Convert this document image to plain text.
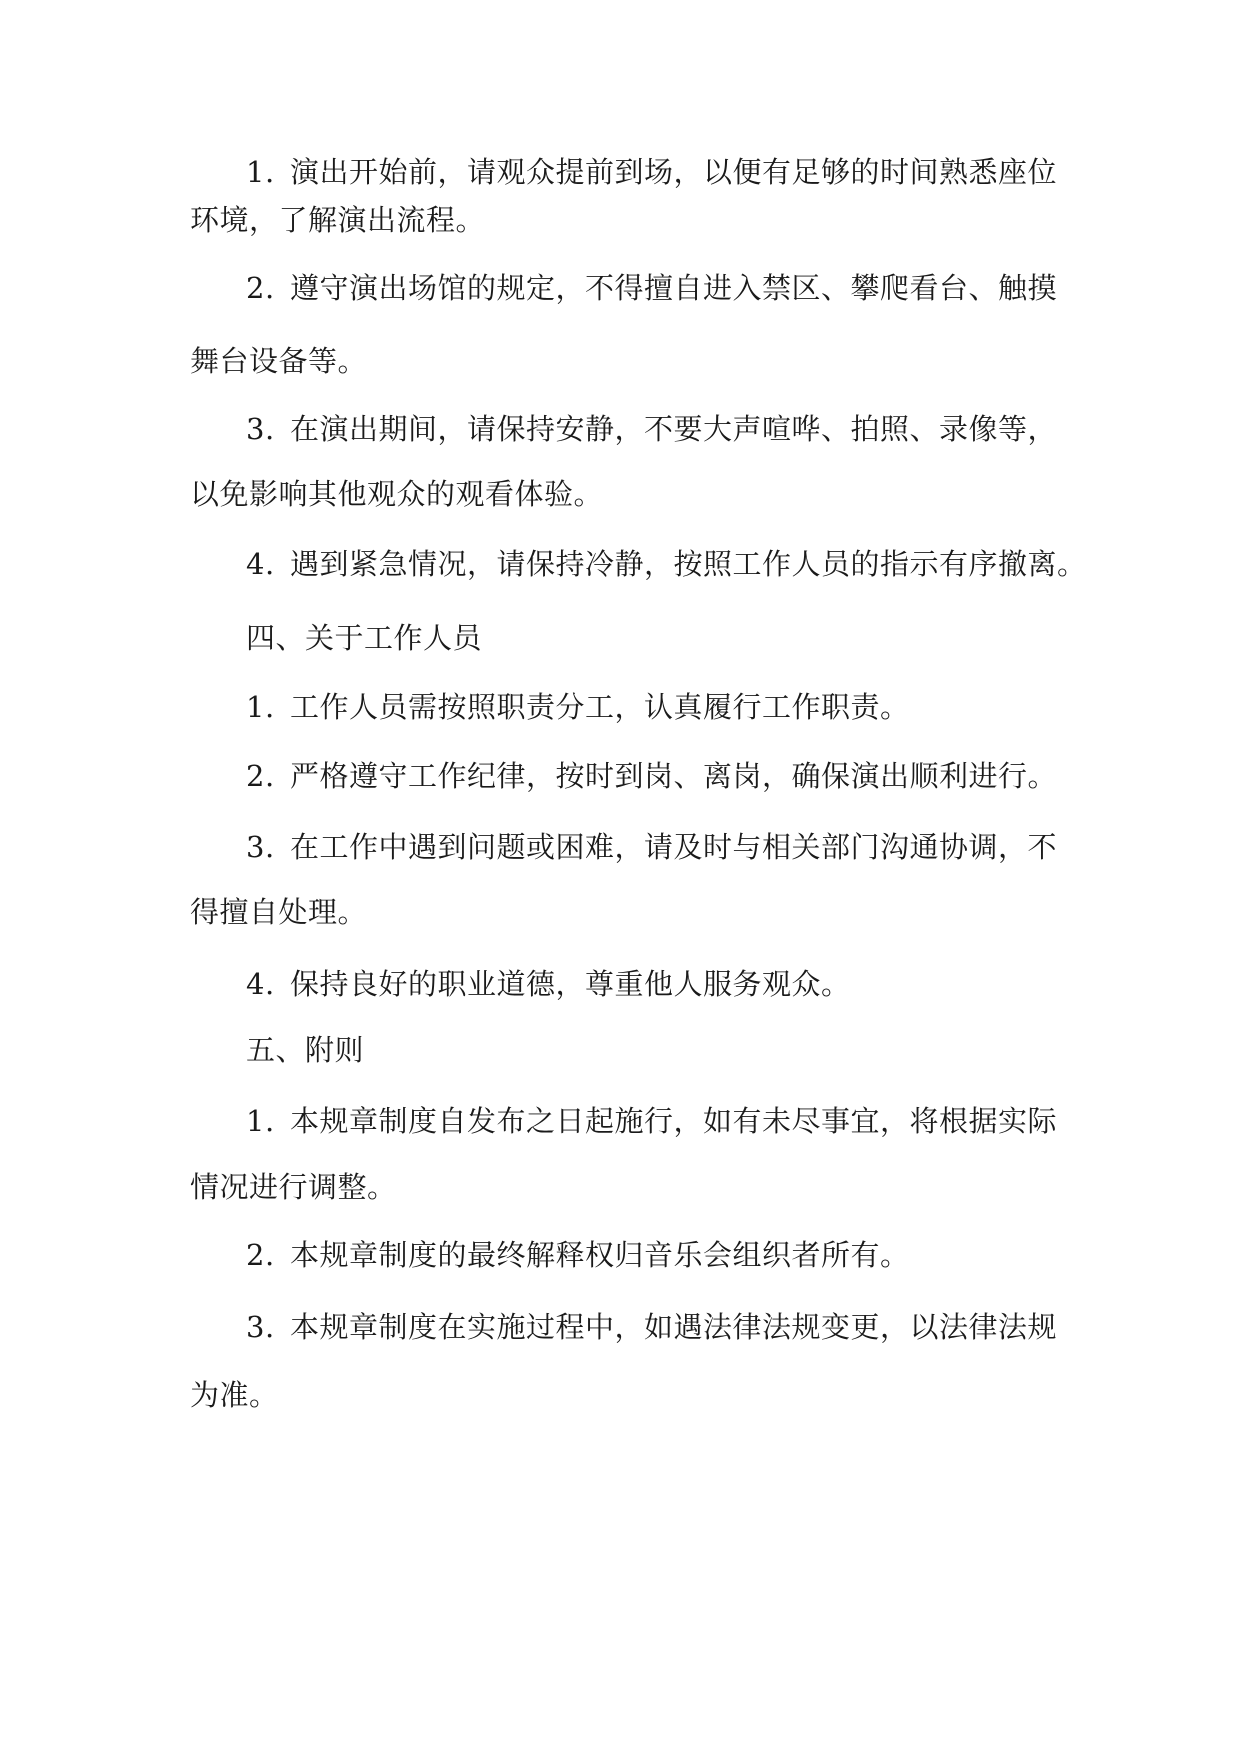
1. 演出开始前，请观众提前到场，以便有足够的时间熟悉座位
环境，了解演出流程。
2. 遵守演出场馆的规定，不得擅自进入禁区、攀爬看台、触摸
舞台设备等。
3. 在演出期间，请保持安静，不要大声喧哗、拍照、录像等，
以免影响其他观众的观看体验。
4. 遇到紧急情况，请保持冷静，按照工作人员的指示有序撤离。
四、关于工作人员
1. 工作人员需按照职责分工，认真履行工作职责。
2. 严格遵守工作纪律，按时到岗、离岗，确保演出顺利进行。
3. 在工作中遇到问题或困难，请及时与相关部门沟通协调，不
得擅自处理。
4. 保持良好的职业道德，尊重他人服务观众。
五、附则
1. 本规章制度自发布之日起施行，如有未尽事宜，将根据实际
情况进行调整。
2. 本规章制度的最终解释权归音乐会组织者所有。
3. 本规章制度在实施过程中，如遇法律法规变更，以法律法规
为准。
